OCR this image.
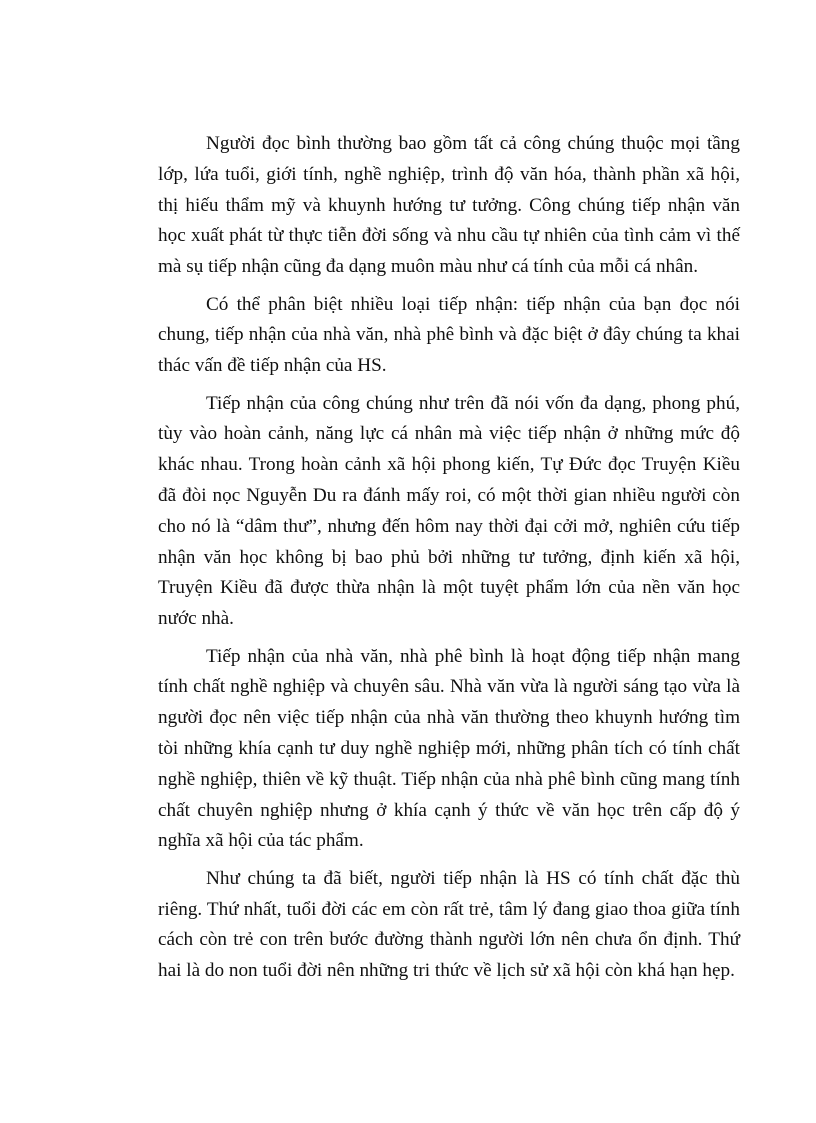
Người đọc bình thường bao gồm tất cả công chúng thuộc mọi tầng lớp, lứa tuổi, giới tính, nghề nghiệp, trình độ văn hóa, thành phần xã hội, thị hiếu thẩm mỹ và khuynh hướng tư tưởng. Công chúng tiếp nhận văn học xuất phát từ thực tiễn đời sống và nhu cầu tự nhiên của tình cảm vì thế mà sụ tiếp nhận cũng đa dạng muôn màu như cá tính của mỗi cá nhân.

Có thể phân biệt nhiều loại tiếp nhận: tiếp nhận của bạn đọc nói chung, tiếp nhận của nhà văn, nhà phê bình và đặc biệt ở đây chúng ta khai thác vấn đề tiếp nhận của HS.

Tiếp nhận của công chúng như trên đã nói vốn đa dạng, phong phú, tùy vào hoàn cảnh, năng lực cá nhân mà việc tiếp nhận ở những mức độ khác nhau. Trong hoàn cảnh xã hội phong kiến, Tự Đức đọc Truyện Kiều đã đòi nọc Nguyễn Du ra đánh mấy roi, có một thời gian nhiều người còn cho nó là “dâm thư”, nhưng đến hôm nay thời đại cởi mở, nghiên cứu tiếp nhận văn học không bị bao phủ bởi những tư tưởng, định kiến xã hội, Truyện Kiều đã được thừa nhận là một tuyệt phẩm lớn của nền văn học nước nhà.

Tiếp nhận của nhà văn, nhà phê bình là hoạt động tiếp nhận mang tính chất nghề nghiệp và chuyên sâu. Nhà văn vừa là người sáng tạo vừa là người đọc nên việc tiếp nhận của nhà văn thường theo khuynh hướng tìm tòi những khía cạnh tư duy nghề nghiệp mới, những phân tích có tính chất nghề nghiệp, thiên về kỹ thuật. Tiếp nhận của nhà phê bình cũng mang tính chất chuyên nghiệp nhưng ở khía cạnh ý thức về văn học trên cấp độ ý nghĩa xã hội của tác phẩm.

Như chúng ta đã biết, người tiếp nhận là HS có tính chất đặc thù riêng. Thứ nhất, tuổi đời các em còn rất trẻ, tâm lý đang giao thoa giữa tính cách còn trẻ con trên bước đường thành người lớn nên chưa ổn định. Thứ hai là do non tuổi đời nên những tri thức về lịch sử xã hội còn khá hạn hẹp.
